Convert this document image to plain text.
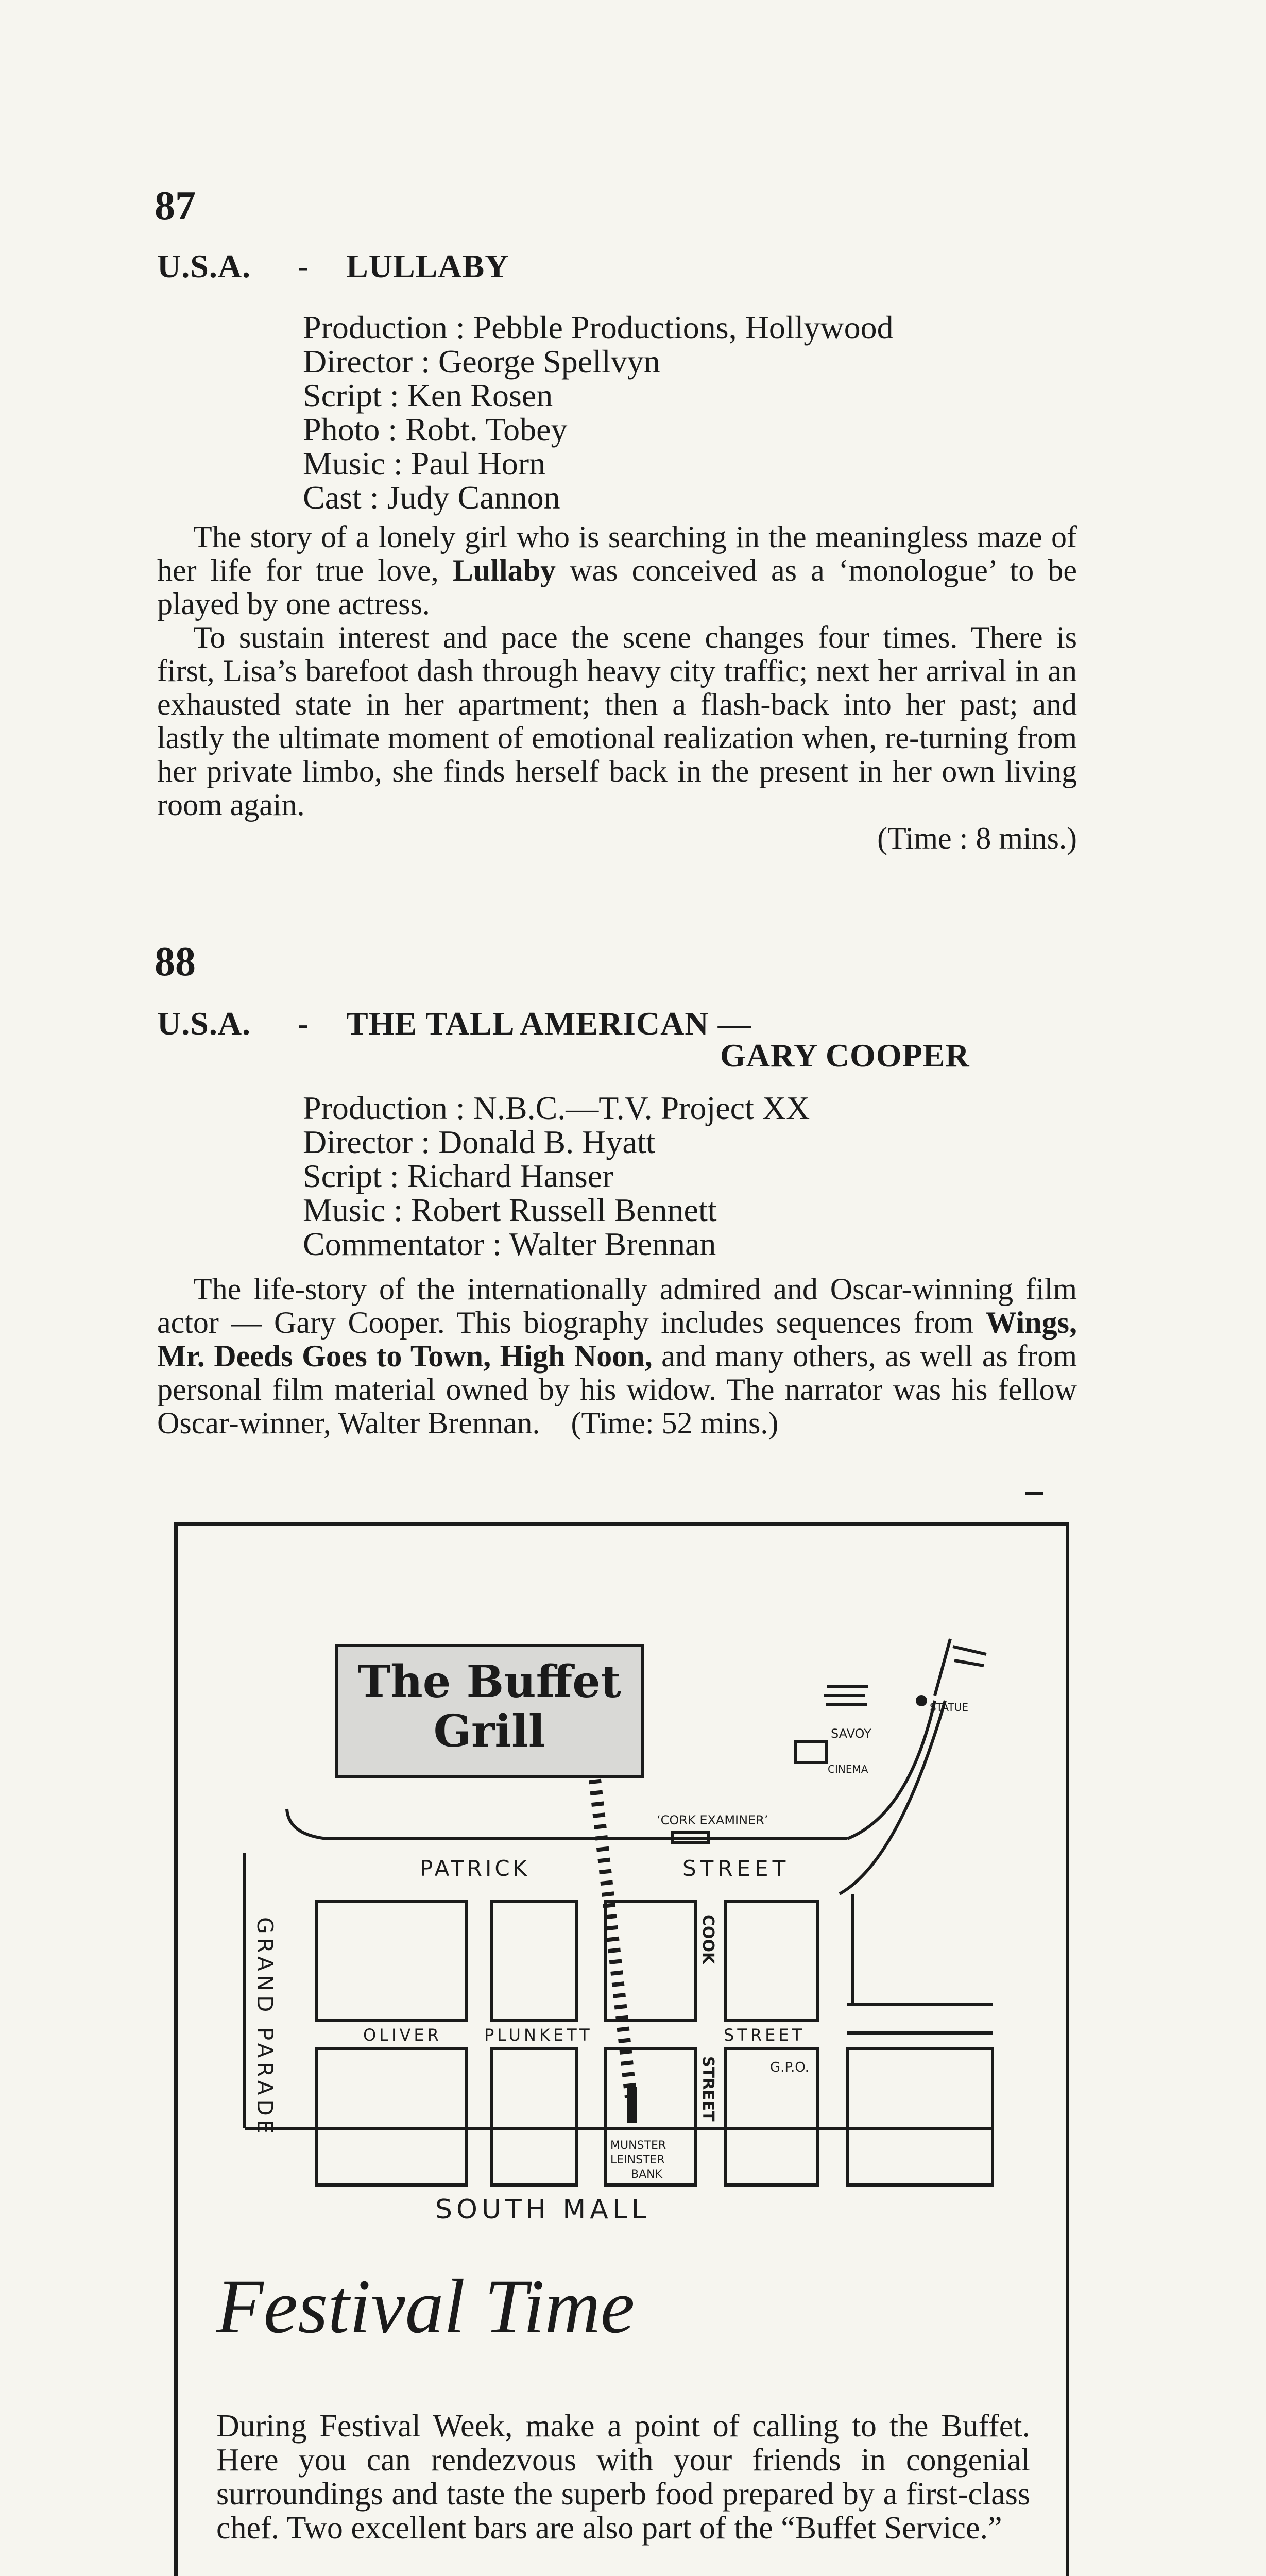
87
U.S.A. - LULLABY
Production : Pebble Productions, Hollywood
Director : George Spellvyn
Script : Ken Rosen
Photo : Robt. Tobey
Music : Paul Horn
Cast : Judy Cannon

The story of a lonely girl who is searching in the meaningless maze of her life for true love, Lullaby was conceived as a ‘monologue’ to be played by one actress.

To sustain interest and pace the scene changes four times. There is first, Lisa’s barefoot dash through heavy city traffic; next her arrival in an exhausted state in her apartment; then a flash-back into her past; and lastly the ultimate moment of emotional realization when, re-turning from her private limbo, she finds herself back in the present in her own living room again.

(Time : 8 mins.)

88
U.S.A. - THE TALL AMERICAN —
GARY COOPER
Production : N.B.C.—T.V. Project XX
Director : Donald B. Hyatt
Script : Richard Hanser
Music : Robert Russell Bennett
Commentator : Walter Brennan

The life-story of the internationally admired and Oscar-winning film actor — Gary Cooper. This biography includes sequences from Wings, Mr. Deeds Goes to Town, High Noon, and many others, as well as from personal film material owned by his widow. The narrator was his fellow Oscar-winner, Walter Brennan. (Time: 52 mins.)

PATRICK	STREET
‘CORK EXAMINER’
SAVOY
CINEMA
STATUE
OLIVER	PLUNKETT	STREET
COOK
STREET	G.P.O.
MUNSTER
LEINSTER
BANK
GRAND PARADE
SOUTH MALL
The Buffet
Grill
Festival Time
During Festival Week, make a point of calling to the Buffet. Here you can rendezvous with your friends in congenial surroundings and taste the superb food prepared by a first-class chef. Two excellent bars are also part of the “Buffet Service.”
